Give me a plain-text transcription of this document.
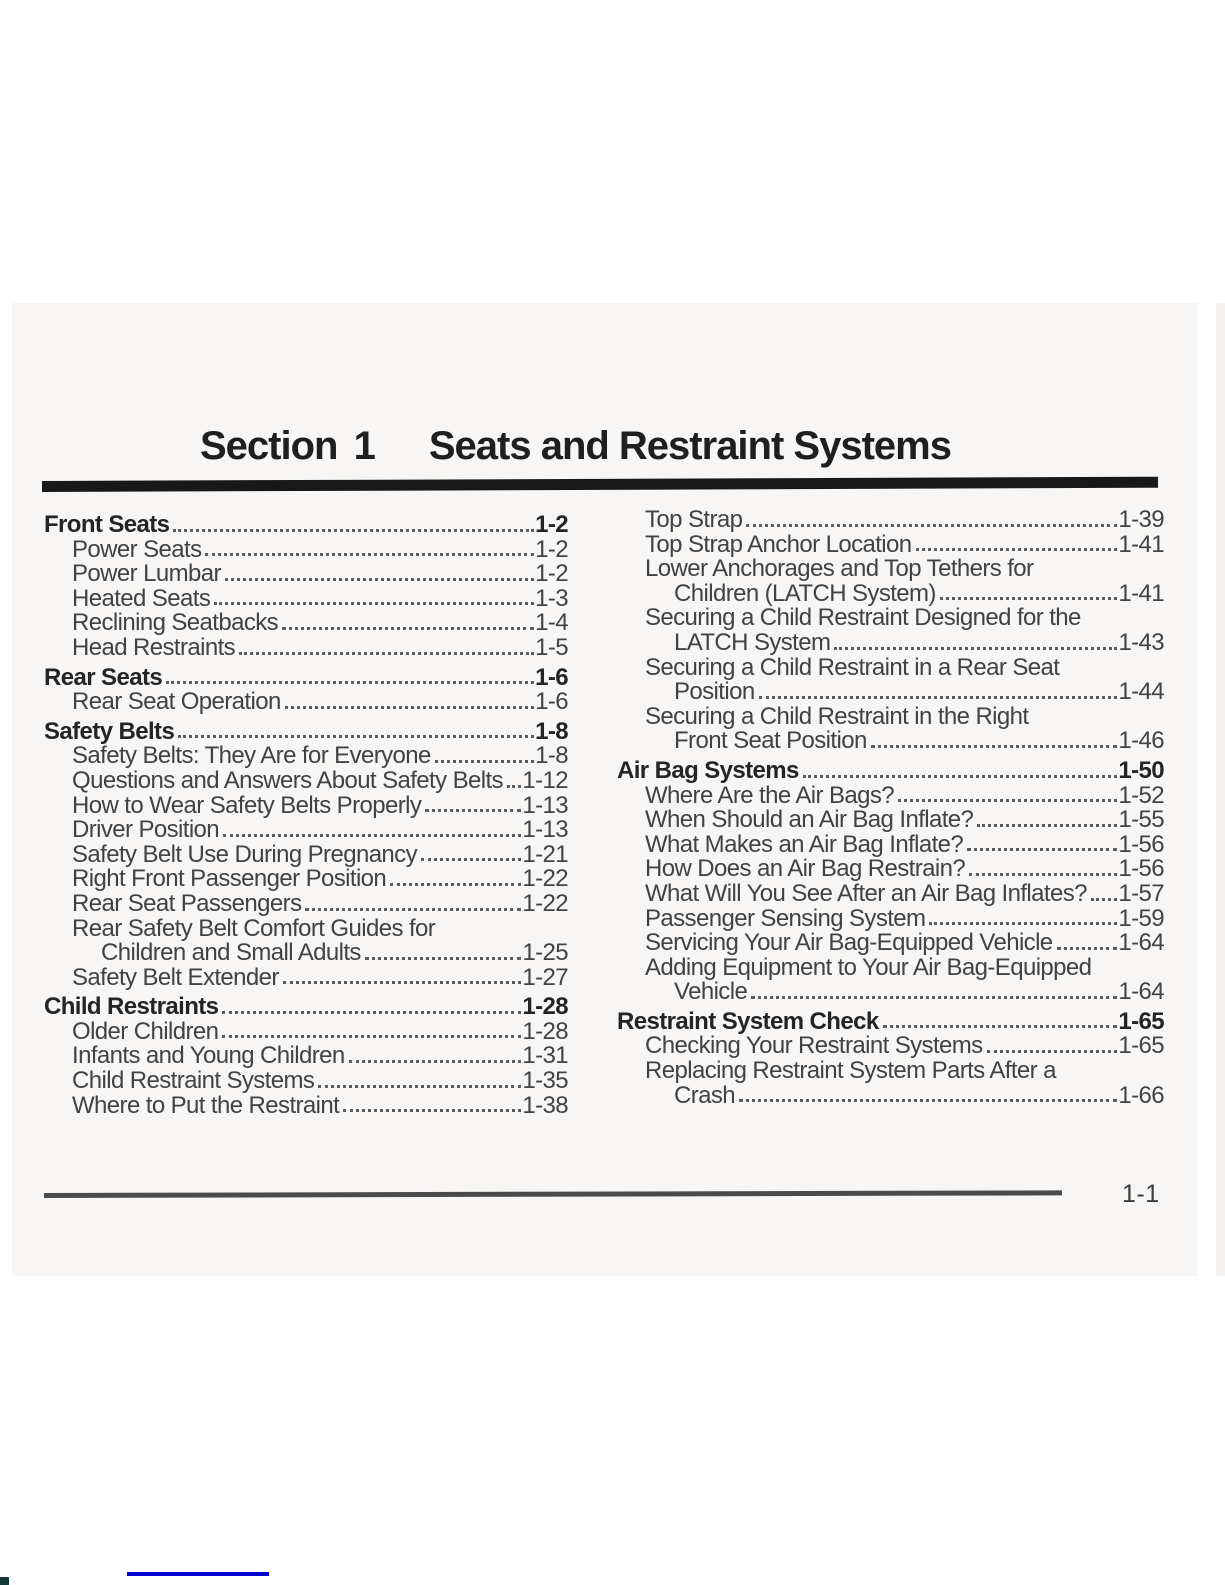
Section 1 Seats and Restraint Systems
Front Seats	1-2
Power Seats	1-2
Power Lumbar	1-2
Heated Seats	1-3
Reclining Seatbacks	1-4
Head Restraints	1-5
Rear Seats	1-6
Rear Seat Operation	1-6
Safety Belts	1-8
Safety Belts: They Are for Everyone	1-8
Questions and Answers About Safety Belts 1-12
How to Wear Safety Belts Properly	1-13
Driver Position	1-13
Safety Belt Use During Pregnancy	1-21
Right Front Passenger Position	1-22
Rear Seat Passengers	1-22
Rear Safety Belt Comfort Guides for
Children and Small Adults	1-25
Safety Belt Extender	1-27
Child Restraints	1-28
Older Children	1-28
Infants and Young Children	1-31
Child Restraint Systems	1-35
Where to Put the Restraint	1-38
Top Strap	1-39
Top Strap Anchor Location	1-41
Lower Anchorages and Top Tethers for
Children (LATCH System)	1-41
Securing a Child Restraint Designed for the
LATCH System	1-43
Securing a Child Restraint in a Rear Seat
Position	1-44
Securing a Child Restraint in the Right
Front Seat Position	1-46
Air Bag Systems	1-50
Where Are the Air Bags?	1-52
When Should an Air Bag Inflate?	1-55
What Makes an Air Bag Inflate?	1-56
How Does an Air Bag Restrain?	1-56
What Will You See After an Air Bag Inflates? 1-57
Passenger Sensing System	1-59
Servicing Your Air Bag-Equipped Vehicle	1-64
Adding Equipment to Your Air Bag-Equipped
Vehicle	1-64
Restraint System Check	1-65
Checking Your Restraint Systems	1-65
Replacing Restraint System Parts After a
Crash	1-66
1-1
